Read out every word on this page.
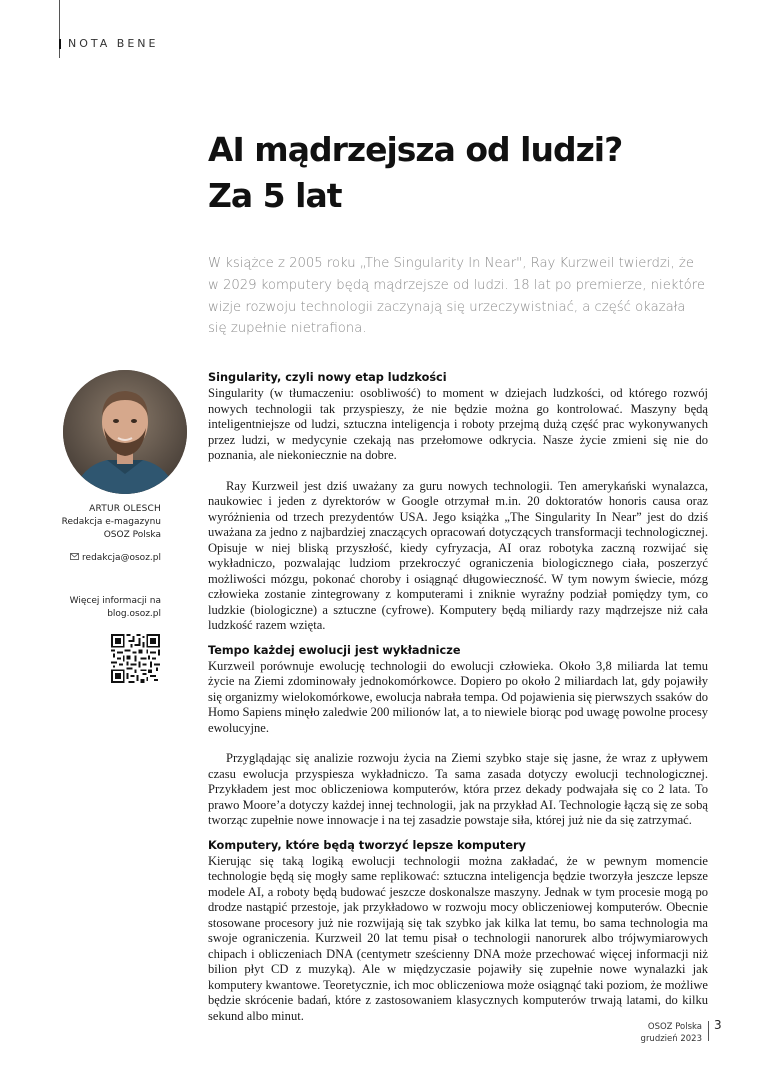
NOTA BENE
AI mądrzejsza od ludzi?
Za 5 lat

W książce z 2005 roku „The Singularity In Near", Ray Kurzweil twierdzi, że w 2029 komputery będą mądrzejsze od ludzi. 18 lat po premierze, niektóre wizje rozwoju technologii zaczynają się urzeczywistniać, a część okazała się zupełnie nietrafiona.

ARTUR OLESCH
Redakcja e-magazynu
OSOZ Polska
redakcja@osoz.pl
Więcej informacji na
blog.osoz.pl
Singularity, czyli nowy etap ludzkości

Singularity (w tłumaczeniu: osobliwość) to moment w dziejach ludzkości, od którego rozwój nowych technologii tak przyspieszy, że nie będzie można go kontrolować. Maszyny będą inteligentniejsze od ludzi, sztuczna inteligencja i roboty przejmą dużą część prac wykonywanych przez ludzi, w medycynie czekają nas przełomowe odkrycia. Nasze życie zmieni się nie do poznania, ale niekoniecznie na dobre.

Ray Kurzweil jest dziś uważany za guru nowych technologii. Ten amerykański wynalazca, naukowiec i jeden z dyrektorów w Google otrzymał m.in. 20 doktoratów honoris causa oraz wyróżnienia od trzech prezydentów USA. Jego książka „The Singularity In Near” jest do dziś uważana za jedno z najbardziej znaczących opracowań dotyczących transformacji technologicznej. Opisuje w niej bliską przyszłość, kiedy cyfryzacja, AI oraz robotyka zaczną rozwijać się wykładniczo, pozwalając ludziom przekroczyć ograniczenia biologicznego ciała, poszerzyć możliwości mózgu, pokonać choroby i osiągnąć długowieczność. W tym nowym świecie, mózg człowieka zostanie zintegrowany z komputerami i zniknie wyraźny podział pomiędzy tym, co ludzkie (biologiczne) a sztuczne (cyfrowe). Komputery będą miliardy razy mądrzejsze niż cała ludzkość razem wzięta.

Tempo każdej ewolucji jest wykładnicze

Kurzweil porównuje ewolucję technologii do ewolucji człowieka. Około 3,8 miliarda lat temu życie na Ziemi zdominowały jednokomórkowce. Dopiero po około 2 miliardach lat, gdy pojawiły się organizmy wielokomórkowe, ewolucja nabrała tempa. Od pojawienia się pierwszych ssaków do Homo Sapiens minęło zaledwie 200 milionów lat, a to niewiele biorąc pod uwagę powolne procesy ewolucyjne.

Przyglądając się analizie rozwoju życia na Ziemi szybko staje się jasne, że wraz z upływem czasu ewolucja przyspiesza wykładniczo. Ta sama zasada dotyczy ewolucji technologicznej. Przykładem jest moc obliczeniowa komputerów, która przez dekady podwajała się co 2 lata. To prawo Moore’a dotyczy każdej innej technologii, jak na przykład AI. Technologie łączą się ze sobą tworząc zupełnie nowe innowacje i na tej zasadzie powstaje siła, której już nie da się zatrzymać.

Komputery, które będą tworzyć lepsze komputery

Kierując się taką logiką ewolucji technologii można zakładać, że w pewnym momencie technologie będą się mogły same replikować: sztuczna inteligencja będzie tworzyła jeszcze lepsze modele AI, a roboty będą budować jeszcze doskonalsze maszyny. Jednak w tym procesie mogą po drodze nastąpić przestoje, jak przykładowo w rozwoju mocy obliczeniowej komputerów. Obecnie stosowane procesory już nie rozwijają się tak szybko jak kilka lat temu, bo sama technologia ma swoje ograniczenia. Kurzweil 20 lat temu pisał o technologii nanorurek albo trójwymiarowych chipach i obliczeniach DNA (centymetr sześcienny DNA może przechować więcej informacji niż bilion płyt CD z muzyką). Ale w międzyczasie pojawiły się zupełnie nowe wynalazki jak komputery kwantowe. Teoretycznie, ich moc obliczeniowa może osiągnąć taki poziom, że możliwe będzie skrócenie badań, które z zastosowaniem klasycznych komputerów trwają latami, do kilku sekund albo minut.

OSOZ Polska
grudzień 2023
3
